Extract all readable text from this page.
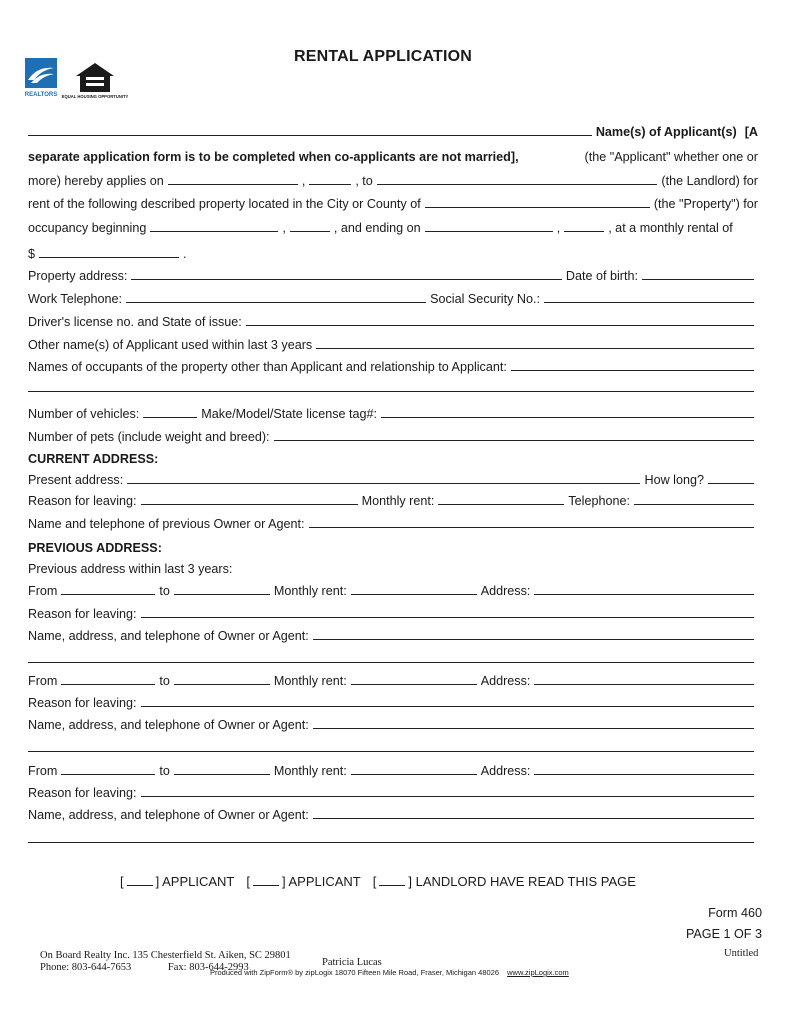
REALTORS EQUAL HOUSING OPPORTUNITY
RENTAL APPLICATION
Name(s) of Applicant(s) [A
separate application form is to be completed when co-applicants are not married],	(the "Applicant" whether one or
more) hereby applies on	,	, to	(the Landlord) for
rent of the following described property located in the City or County of	(the "Property") for
occupancy beginning	,	, and ending on	,	, at a monthly rental of
$	.
Property address:	Date of birth:
Work Telephone:	Social Security No.:
Driver's license no. and State of issue:
Other name(s) of Applicant used within last 3 years
Names of occupants of the property other than Applicant and relationship to Applicant:
Number of vehicles:	Make/Model/State license tag#:
Number of pets (include weight and breed):
CURRENT ADDRESS:
Present address:	How long?
Reason for leaving:	Monthly rent:	Telephone:
Name and telephone of previous Owner or Agent:
PREVIOUS ADDRESS:
Previous address within last 3 years:
From	to	Monthly rent:	Address:
Reason for leaving:
Name, address, and telephone of Owner or Agent:
From	to	Monthly rent:	Address:
Reason for leaving:
Name, address, and telephone of Owner or Agent:
From	to	Monthly rent:	Address:
Reason for leaving:
Name, address, and telephone of Owner or Agent:
[ ] APPLICANT [ ] APPLICANT [ ] LANDLORD HAVE READ THIS PAGE
Form 460
PAGE 1 OF 3
On Board Realty Inc. 135 Chesterfield St. Aiken, SC 29801
Phone: 803-644-7653	Fax: 803-644-2993	Patricia Lucas
Untitled
Produced with ZipForm® by zipLogix 18070 Fifteen Mile Road, Fraser, Michigan 48026 www.zipLogix.com
